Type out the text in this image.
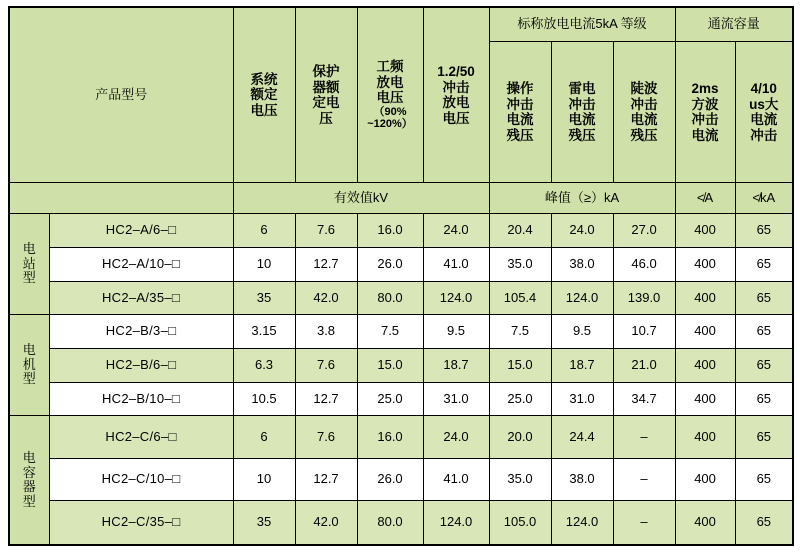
产品型号		系统
额定
电压	保护
器额
定电
压	工频
放电
电压
（90%
~120%）	1.2/50
冲击
放电
电压	标称放电电流5kA 等级			通流容量	

						操作
冲击
电流
残压	雷电
冲击
电流
残压	陡波
冲击
电流
残压	2ms
方波
冲击
电流	4/10
us大
电流
冲击

		有效值kV				峰值（≥）kA			≮A	≮kA

电
站
型	HC2–A/6–□	6	7.6	16.0	24.0	20.4	24.0	27.0	400	65
	HC2–A/10–□	10	12.7	26.0	41.0	35.0	38.0	46.0	400	65
	HC2–A/35–□	35	42.0	80.0	124.0	105.4	124.0	139.0	400	65

电
机
型	HC2–B/3–□	3.15	3.8	7.5	9.5	7.5	9.5	10.7	400	65
	HC2–B/6–□	6.3	7.6	15.0	18.7	15.0	18.7	21.0	400	65
	HC2–B/10–□	10.5	12.7	25.0	31.0	25.0	31.0	34.7	400	65

电
容
器
型	HC2–C/6–□	6	7.6	16.0	24.0	20.0	24.4	–	400	65
	HC2–C/10–□	10	12.7	26.0	41.0	35.0	38.0	–	400	65
	HC2–C/35–□	35	42.0	80.0	124.0	105.0	124.0	–	400	65
